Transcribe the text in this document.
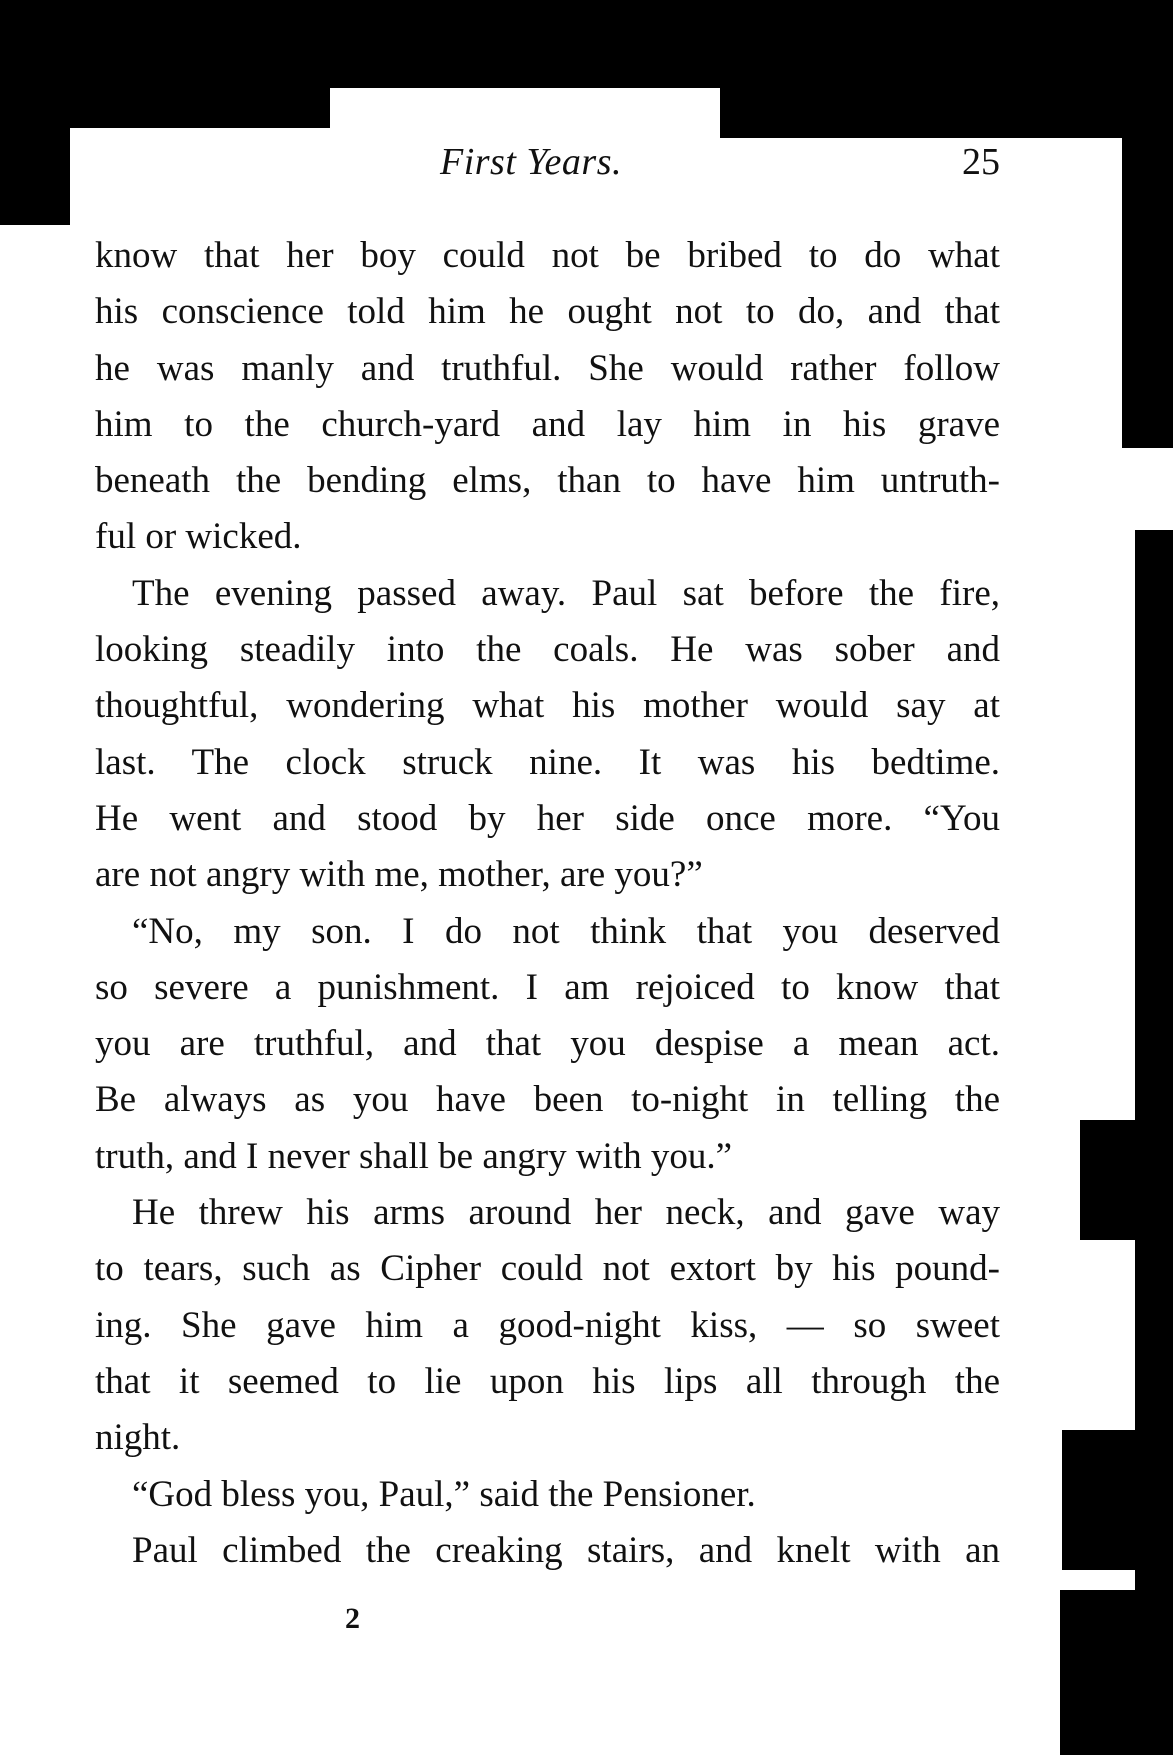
First Years.	25
know that her boy could not be bribed to do what
his conscience told him he ought not to do, and that
he was manly and truthful. She would rather follow
him to the church-yard and lay him in his grave
beneath the bending elms, than to have him untruth-
ful or wicked.
The evening passed away. Paul sat before the fire,
looking steadily into the coals. He was sober and
thoughtful, wondering what his mother would say at
last. The clock struck nine. It was his bedtime.
He went and stood by her side once more. “You
are not angry with me, mother, are you?”
“No, my son. I do not think that you deserved
so severe a punishment. I am rejoiced to know that
you are truthful, and that you despise a mean act.
Be always as you have been to-night in telling the
truth, and I never shall be angry with you.”
He threw his arms around her neck, and gave way
to tears, such as Cipher could not extort by his pound-
ing. She gave him a good-night kiss, — so sweet
that it seemed to lie upon his lips all through the
night.
“God bless you, Paul,” said the Pensioner.
Paul climbed the creaking stairs, and knelt with an
2
